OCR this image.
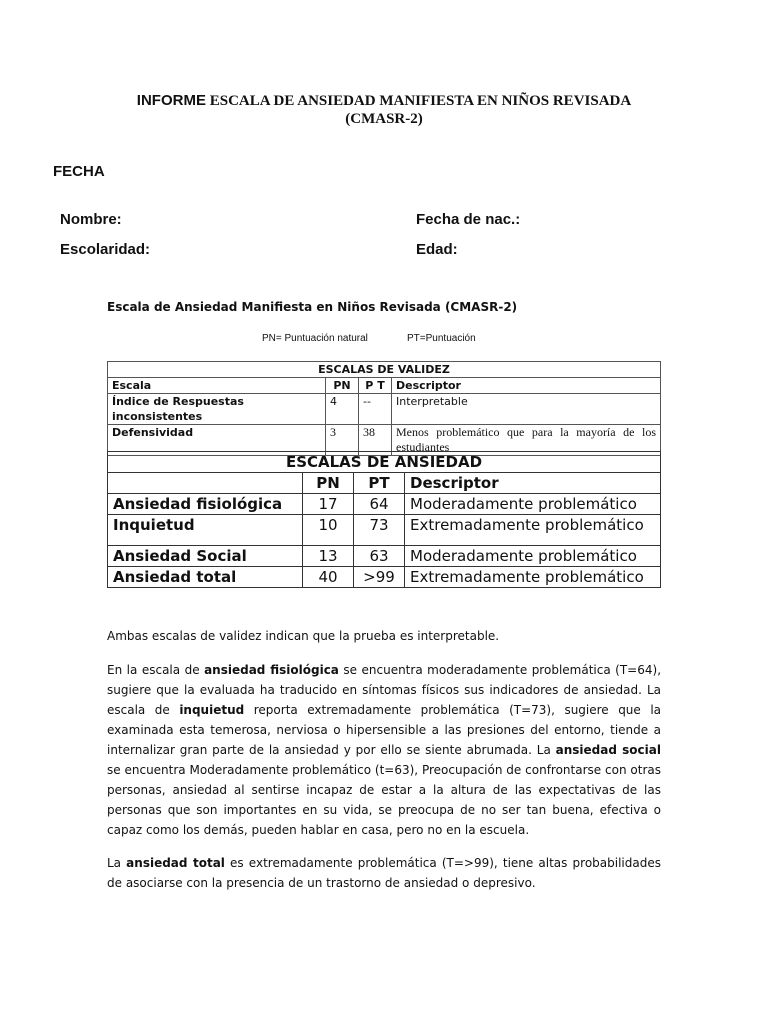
INFORME ESCALA DE ANSIEDAD MANIFIESTA EN NIÑOS REVISADA
(CMASR-2)
FECHA
Nombre:	Fecha de nac.:
Escolaridad:	Edad:
Escala de Ansiedad Manifiesta en Niños Revisada (CMASR-2)
PN= Puntuación natural	PT=Puntuación
ESCALAS DE VALIDEZ			
Escala	PN	P T	Descriptor
Índice de Respuestas inconsistentes	4	--	Interpretable
Defensividad	3	38	Menos problemático que para la mayoría de los estudiantes
ESCALAS DE ANSIEDAD			
	PN	PT	Descriptor
Ansiedad fisiológica	17	64	Moderadamente problemático
Inquietud	10	73	Extremadamente problemático

Ansiedad Social	13	63	Moderadamente problemático
Ansiedad total	40	>99	Extremadamente problemático

Ambas escalas de validez indican que la prueba es interpretable.

En la escala de ansiedad fisiológica se encuentra moderadamente problemática (T=64), sugiere que la evaluada ha traducido en síntomas físicos sus indicadores de ansiedad. La escala de inquietud reporta extremadamente problemática (T=73), sugiere que la examinada esta temerosa, nerviosa o hipersensible a las presiones del entorno, tiende a internalizar gran parte de la ansiedad y por ello se siente abrumada. La ansiedad social se encuentra Moderadamente problemático (t=63), Preocupación de confrontarse con otras personas, ansiedad al sentirse incapaz de estar a la altura de las expectativas de las personas que son importantes en su vida, se preocupa de no ser tan buena, efectiva o capaz como los demás, pueden hablar en casa, pero no en la escuela.

La ansiedad total es extremadamente problemática (T=>99), tiene altas probabilidades de asociarse con la presencia de un trastorno de ansiedad o depresivo.
